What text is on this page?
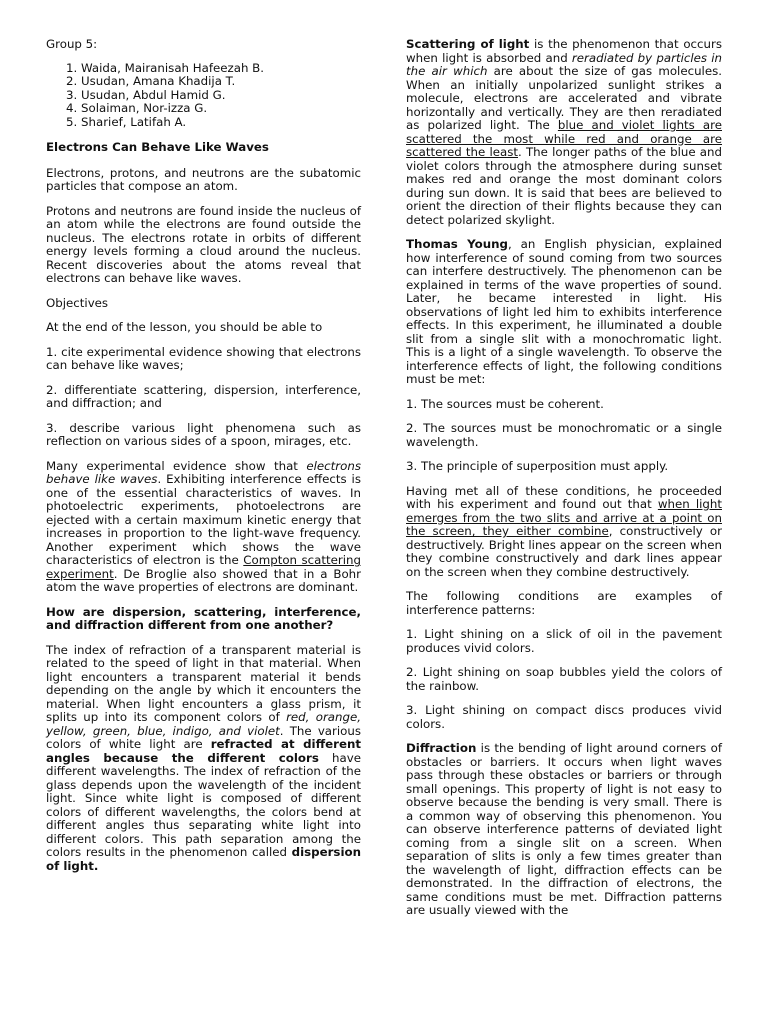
Group 5:

1. Waida, Mairanisah Hafeezah B.
2. Usudan, Amana Khadija T.
3. Usudan, Abdul Hamid G.
4. Solaiman, Nor-izza G.
5. Sharief, Latifah A.

Electrons Can Behave Like Waves

Electrons, protons, and neutrons are the subatomic particles that compose an atom.

Protons and neutrons are found inside the nucleus of an atom while the electrons are found outside the nucleus. The electrons rotate in orbits of different energy levels forming a cloud around the nucleus. Recent discoveries about the atoms reveal that electrons can behave like waves.

Objectives

At the end of the lesson, you should be able to

1. cite experimental evidence showing that electrons can behave like waves;

2. differentiate scattering, dispersion, interference, and diffraction; and

3. describe various light phenomena such as reflection on various sides of a spoon, mirages, etc.

Many experimental evidence show that electrons behave like waves. Exhibiting interference effects is one of the essential characteristics of waves. In photoelectric experiments, photoelectrons are ejected with a certain maximum kinetic energy that increases in proportion to the light-wave frequency. Another experiment which shows the wave characteristics of electron is the Compton scattering experiment. De Broglie also showed that in a Bohr atom the wave properties of electrons are dominant.

How are dispersion, scattering, interference, and diffraction different from one another?

The index of refraction of a transparent material is related to the speed of light in that material. When light encounters a transparent material it bends depending on the angle by which it encounters the material. When light encounters a glass prism, it splits up into its component colors of red, orange, yellow, green, blue, indigo, and violet. The various colors of white light are refracted at different angles because the different colors have different wavelengths. The index of refraction of the glass depends upon the wavelength of the incident light. Since white light is composed of different colors of different wavelengths, the colors bend at different angles thus separating white light into different colors. This path separation among the colors results in the phenomenon called dispersion of light.

Scattering of light is the phenomenon that occurs when light is absorbed and reradiated by particles in the air which are about the size of gas molecules. When an initially unpolarized sunlight strikes a molecule, electrons are accelerated and vibrate horizontally and vertically. They are then reradiated as polarized light. The blue and violet lights are scattered the most while red and orange are scattered the least. The longer paths of the blue and violet colors through the atmosphere during sunset makes red and orange the most dominant colors during sun down. It is said that bees are believed to orient the direction of their flights because they can detect polarized skylight.

Thomas Young, an English physician, explained how interference of sound coming from two sources can interfere destructively. The phenomenon can be explained in terms of the wave properties of sound. Later, he became interested in light. His observations of light led him to exhibits interference effects. In this experiment, he illuminated a double slit from a single slit with a monochromatic light. This is a light of a single wavelength. To observe the interference effects of light, the following conditions must be met:

1. The sources must be coherent.

2. The sources must be monochromatic or a single wavelength.

3. The principle of superposition must apply.

Having met all of these conditions, he proceeded with his experiment and found out that when light emerges from the two slits and arrive at a point on the screen, they either combine, constructively or destructively. Bright lines appear on the screen when they combine constructively and dark lines appear on the screen when they combine destructively.

The following conditions are examples of interference patterns:

1. Light shining on a slick of oil in the pavement produces vivid colors.

2. Light shining on soap bubbles yield the colors of the rainbow.

3. Light shining on compact discs produces vivid colors.

Diffraction is the bending of light around corners of obstacles or barriers. It occurs when light waves pass through these obstacles or barriers or through small openings. This property of light is not easy to observe because the bending is very small. There is a common way of observing this phenomenon. You can observe interference patterns of deviated light coming from a single slit on a screen. When separation of slits is only a few times greater than the wavelength of light, diffraction effects can be demonstrated. In the diffraction of electrons, the same conditions must be met. Diffraction patterns are usually viewed with the
